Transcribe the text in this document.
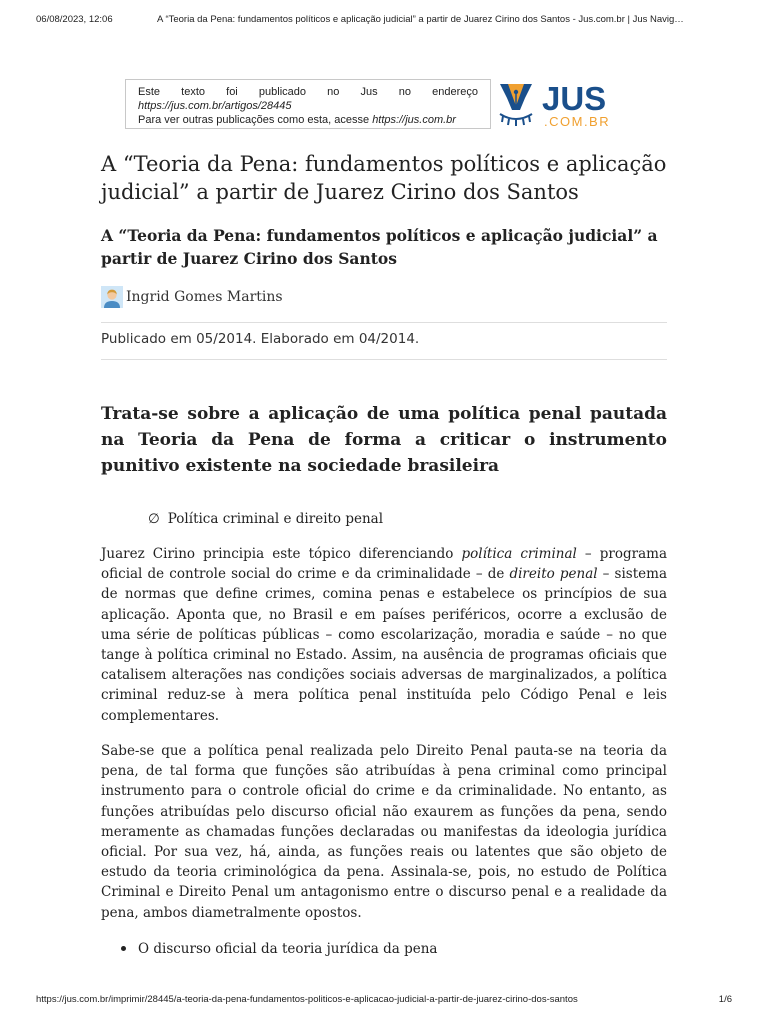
06/08/2023, 12:06	A “Teoria da Pena: fundamentos políticos e aplicação judicial” a partir de Juarez Cirino dos Santos - Jus.com.br | Jus Navig…
Este texto foi publicado no Jus no endereço
https://jus.com.br/artigos/28445
Para ver outras publicações como esta, acesse https://jus.com.br
JUS
.COM.BR
A “Teoria da Pena: fundamentos políticos e aplicação judicial” a partir de Juarez Cirino dos Santos
A “Teoria da Pena: fundamentos políticos e aplicação judicial” a partir de Juarez Cirino dos Santos
Ingrid Gomes Martins
Publicado em 05/2014. Elaborado em 04/2014.
Trata-se sobre a aplicação de uma política penal pautada na Teoria da Pena de forma a criticar o instrumento punitivo existente na sociedade brasileira
∅ Política criminal e direito penal
Juarez Cirino principia este tópico diferenciando política criminal – programa oficial de controle social do crime e da criminalidade – de direito penal – sistema de normas que define crimes, comina penas e estabelece os princípios de sua aplicação. Aponta que, no Brasil e em países periféricos, ocorre a exclusão de uma série de políticas públicas – como escolarização, moradia e saúde – no que tange à política criminal no Estado. Assim, na ausência de programas oficiais que catalisem alterações nas condições sociais adversas de marginalizados, a política criminal reduz-se à mera política penal instituída pelo Código Penal e leis complementares.
Sabe-se que a política penal realizada pelo Direito Penal pauta-se na teoria da pena, de tal forma que funções são atribuídas à pena criminal como principal instrumento para o controle oficial do crime e da criminalidade. No entanto, as funções atribuídas pelo discurso oficial não exaurem as funções da pena, sendo meramente as chamadas funções declaradas ou manifestas da ideologia jurídica oficial. Por sua vez, há, ainda, as funções reais ou latentes que são objeto de estudo da teoria criminológica da pena. Assinala-se, pois, no estudo de Política Criminal e Direito Penal um antagonismo entre o discurso penal e a realidade da pena, ambos diametralmente opostos.
O discurso oficial da teoria jurídica da pena
https://jus.com.br/imprimir/28445/a-teoria-da-pena-fundamentos-politicos-e-aplicacao-judicial-a-partir-de-juarez-cirino-dos-santos	1/6
